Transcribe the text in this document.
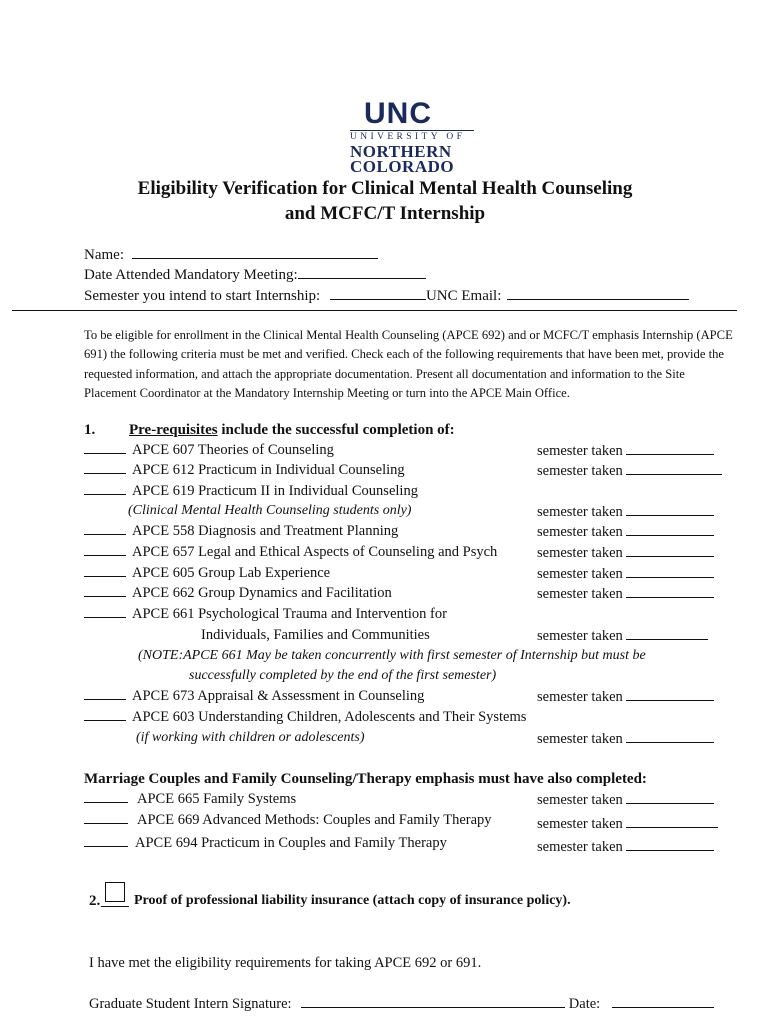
UNC
UNIVERSITY OF
NORTHERN
COLORADO
Eligibility Verification for Clinical Mental Health Counseling
and MCFC/T Internship
Name:
Date Attended Mandatory Meeting:
Semester you intend to start Internship:	UNC Email:
To be eligible for enrollment in the Clinical Mental Health Counseling (APCE 692) and or MCFC/T emphasis Internship (APCE 691) the following criteria must be met and verified. Check each of the following requirements that have been met, provide the requested information, and attach the appropriate documentation. Present all documentation and information to the Site Placement Coordinator at the Mandatory Internship Meeting or turn into the APCE Main Office.
1. Pre-requisites include the successful completion of:
APCE 607 Theories of Counseling	semester taken
APCE 612 Practicum in Individual Counseling	semester taken
APCE 619 Practicum II in Individual Counseling
(Clinical Mental Health Counseling students only)	semester taken
APCE 558 Diagnosis and Treatment Planning	semester taken
APCE 657 Legal and Ethical Aspects of Counseling and Psych	semester taken
APCE 605 Group Lab Experience	semester taken
APCE 662 Group Dynamics and Facilitation	semester taken
APCE 661 Psychological Trauma and Intervention for
Individuals, Families and Communities	semester taken
(NOTE:APCE 661 May be taken concurrently with first semester of Internship but must be
successfully completed by the end of the first semester)
APCE 673 Appraisal & Assessment in Counseling	semester taken
APCE 603 Understanding Children, Adolescents and Their Systems
(if working with children or adolescents)	semester taken
Marriage Couples and Family Counseling/Therapy emphasis must have also completed:
APCE 665 Family Systems	semester taken
APCE 669 Advanced Methods: Couples and Family Therapy	semester taken
APCE 694 Practicum in Couples and Family Therapy	semester taken
2. Proof of professional liability insurance (attach copy of insurance policy).
I have met the eligibility requirements for taking APCE 692 or 691.
Graduate Student Intern Signature:	Date:
